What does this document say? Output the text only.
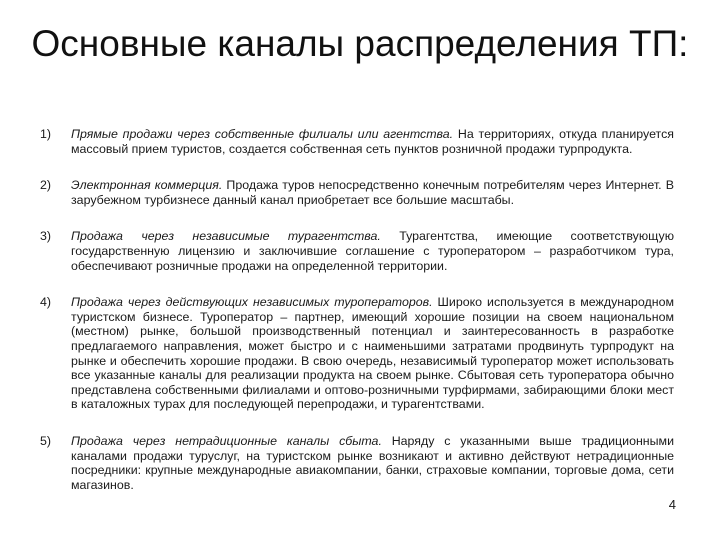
Основные каналы распределения ТП:
1) Прямые продажи через собственные филиалы или агентства. На территориях, откуда планируется массовый прием туристов, создается собственная сеть пунктов розничной продажи турпродукта.
2) Электронная коммерция. Продажа туров непосредственно конечным потребителям через Интернет. В зарубежном турбизнесе данный канал приобретает все большие масштабы.
3) Продажа через независимые турагентства. Турагентства, имеющие соответствующую государственную лицензию и заключившие соглашение с туроператором – разработчиком тура, обеспечивают розничные продажи на определенной территории.
4) Продажа через действующих независимых туроператоров. Широко используется в международном туристском бизнесе. Туроператор – партнер, имеющий хорошие позиции на своем национальном (местном) рынке, большой производственный потенциал и заинтересованность в разработке предлагаемого направления, может быстро и с наименьшими затратами продвинуть турпродукт на рынке и обеспечить хорошие продажи. В свою очередь, независимый туроператор может использовать все указанные каналы для реализации продукта на своем рынке. Сбытовая сеть туроператора обычно представлена собственными филиалами и оптово-розничными турфирмами, забирающими блоки мест в каталожных турах для последующей перепродажи, и турагентствами.
5) Продажа через нетрадиционные каналы сбыта. Наряду с указанными выше традиционными каналами продажи туруслуг, на туристском рынке возникают и активно действуют нетрадиционные посредники: крупные международные авиакомпании, банки, страховые компании, торговые дома, сети магазинов.
4
